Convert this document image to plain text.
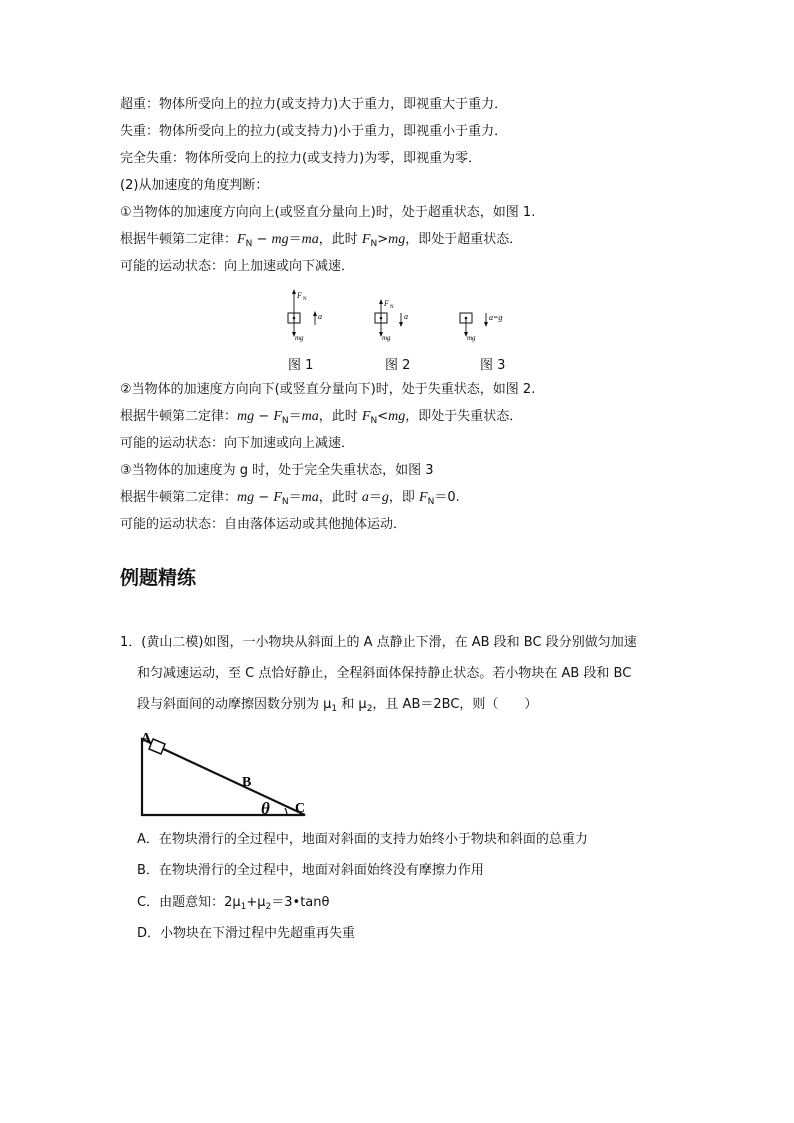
超重：物体所受向上的拉力(或支持力)大于重力，即视重大于重力．
失重：物体所受向上的拉力(或支持力)小于重力，即视重小于重力．
完全失重：物体所受向上的拉力(或支持力)为零，即视重为零．
(2)从加速度的角度判断：
①当物体的加速度方向向上(或竖直分量向上)时，处于超重状态，如图 1.
根据牛顿第二定律：$F_N - mg=ma$，此时 $F_N>mg$，即处于超重状态．
可能的运动状态：向上加速或向下减速．
F N
mg
a
F N
mg
a
mg
a=g
图 1	图 2	图 3
②当物体的加速度方向向下(或竖直分量向下)时，处于失重状态，如图 2.
根据牛顿第二定律：mg − $F_N=ma$，此时 $F_N<mg$，即处于失重状态．
可能的运动状态：向下加速或向上减速．
③当物体的加速度为 g 时，处于完全失重状态，如图 3
根据牛顿第二定律：mg − $F_N=ma$，此时 a＝g，即 $F_N=0$.
可能的运动状态：自由落体运动或其他抛体运动．
例题精练
1．(黄山二模)如图，一小物块从斜面上的 A 点静止下滑，在 AB 段和 BC 段分别做匀加速
和匀减速运动，至 C 点恰好静止，全程斜面体保持静止状态。若小物块在 AB 段和 BC
段与斜面间的动摩擦因数分别为 $\mu_1$ 和 $\mu_2$，且 AB＝2BC，则（　　）
A
B
C
θ
A．在物块滑行的全过程中，地面对斜面的支持力始终小于物块和斜面的总重力
B．在物块滑行的全过程中，地面对斜面始终没有摩擦力作用
C．由题意知：$2\mu_1+\mu_2=3•\tan\theta$
D．小物块在下滑过程中先超重再失重
